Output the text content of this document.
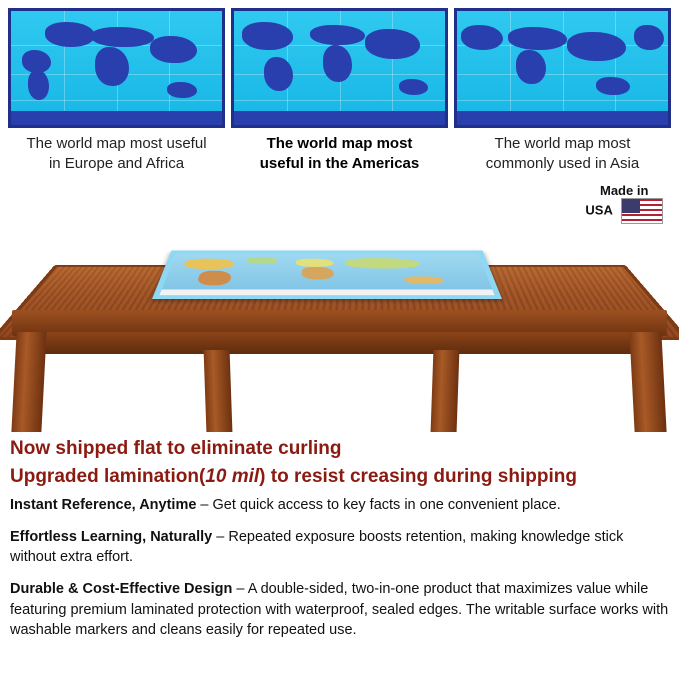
The world map most useful in Europe and Africa
The world map most useful in the Americas
The world map most commonly used in Asia
Made in
USA

Now shipped flat to eliminate curling

Upgraded lamination(10 mil) to resist creasing during shipping

Instant Reference, Anytime – Get quick access to key facts in one convenient place.

Effortless Learning, Naturally – Repeated exposure boosts retention, making knowledge stick without extra effort.

Durable & Cost-Effective Design – A double-sided, two-in-one product that maximizes value while featuring premium laminated protection with waterproof, sealed edges. The writable surface works with washable markers and cleans easily for repeated use.
